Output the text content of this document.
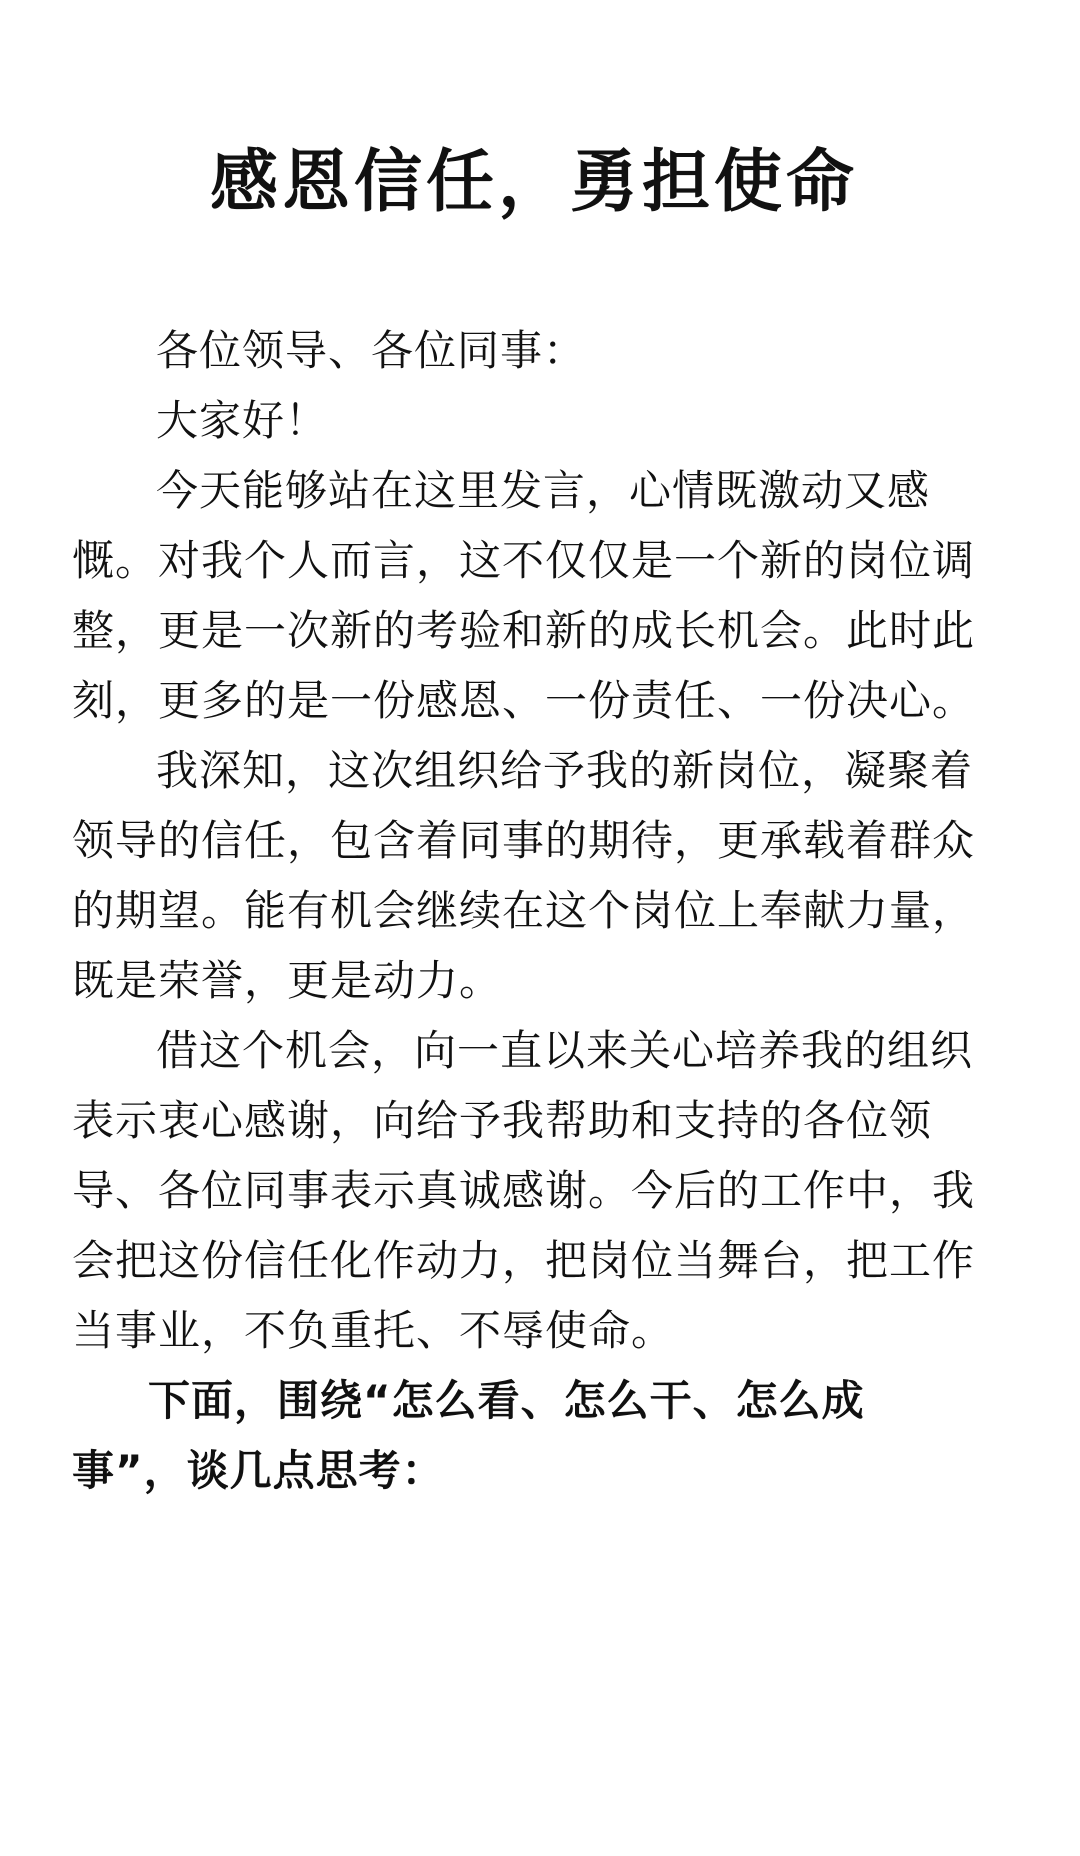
感恩信任，勇担使命

各位领导、各位同事：

大家好！

今天能够站在这里发言，心情既激动又感慨。对我个人而言，这不仅仅是一个新的岗位调整，更是一次新的考验和新的成长机会。此时此刻，更多的是一份感恩、一份责任、一份决心。

我深知，这次组织给予我的新岗位，凝聚着领导的信任，包含着同事的期待，更承载着群众的期望。能有机会继续在这个岗位上奉献力量，既是荣誉，更是动力。

借这个机会，向一直以来关心培养我的组织表示衷心感谢，向给予我帮助和支持的各位领导、各位同事表示真诚感谢。今后的工作中，我会把这份信任化作动力，把岗位当舞台，把工作当事业，不负重托、不辱使命。

下面，围绕“怎么看、怎么干、怎么成事”，谈几点思考：
